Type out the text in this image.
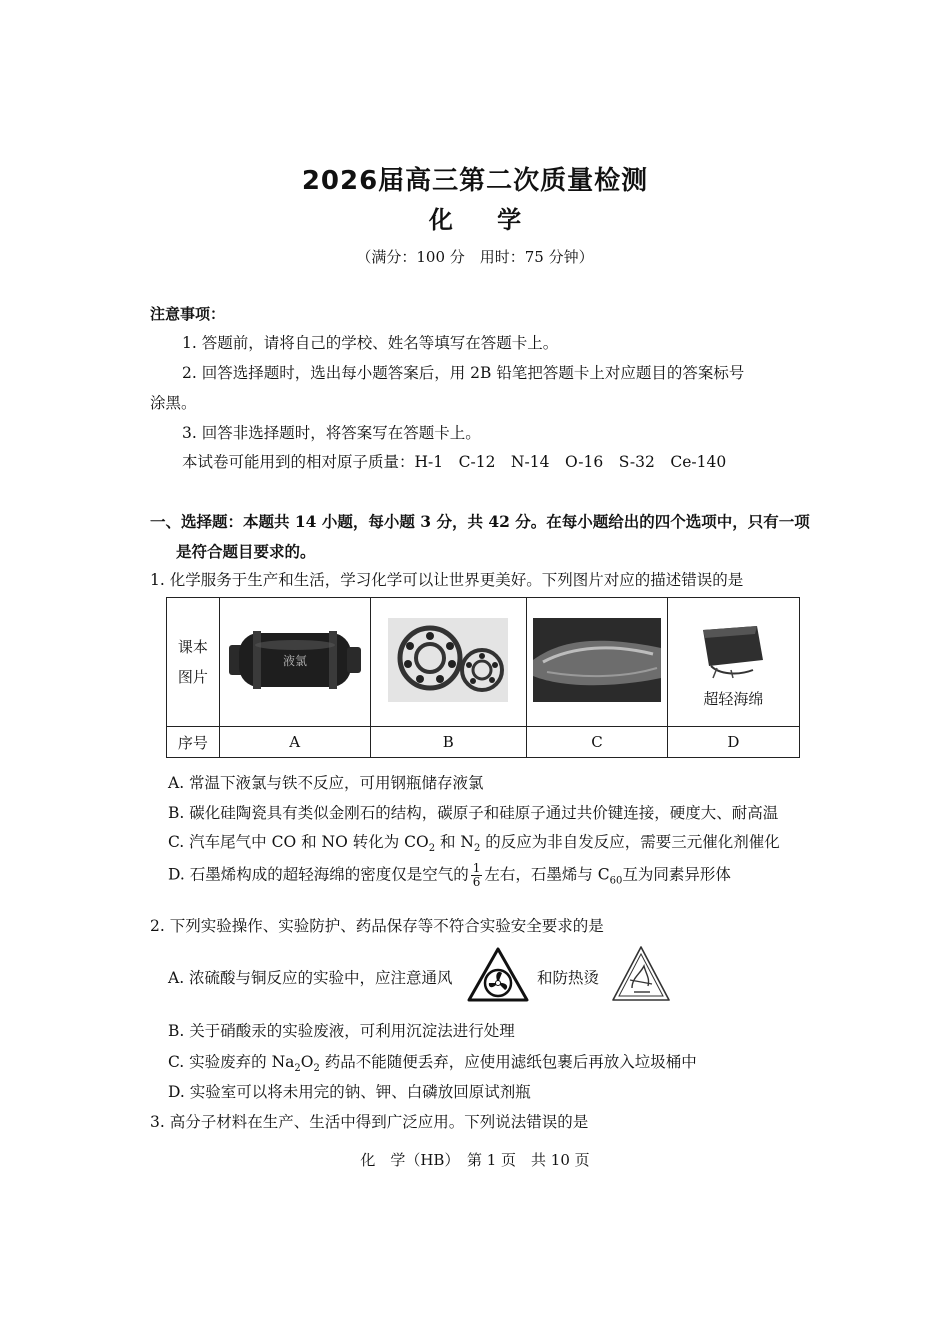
2026届高三第二次质量检测
化 学
（满分：100 分　用时：75 分钟）
注意事项：
1. 答题前，请将自己的学校、姓名等填写在答题卡上。
2. 回答选择题时，选出每小题答案后，用 2B 铅笔把答题卡上对应题目的答案标号
涂黑。
3. 回答非选择题时，将答案写在答题卡上。
本试卷可能用到的相对原子质量：H-1　C-12　N-14　O-16　S-32　Ce-140
一、选择题：本题共 14 小题，每小题 3 分，共 42 分。在每小题给出的四个选项中，只有一项
是符合题目要求的。
1. 化学服务于生产和生活，学习化学可以让世界更美好。下列图片对应的描述错误的是
课本图片	液氯			超轻海绵

序号	A	B	C	D
A. 常温下液氯与铁不反应，可用钢瓶储存液氯
B. 碳化硅陶瓷具有类似金刚石的结构，碳原子和硅原子通过共价键连接，硬度大、耐高温
C. 汽车尾气中 CO 和 NO 转化为 $CO_2$ 和 $N_2$ 的反应为非自发反应，需要三元催化剂催化
D. 石墨烯构成的超轻海绵的密度仅是空气的 $\frac{1}{6}$ 左右，石墨烯与 $C_{60}$互为同素异形体
2. 下列实验操作、实验防护、药品保存等不符合实验安全要求的是
A. 浓硫酸与铜反应的实验中，应注意通风	和防热烫
B. 关于硝酸汞的实验废液，可利用沉淀法进行处理
C. 实验废弃的 $Na_2O_2$ 药品不能随便丢弃，应使用滤纸包裹后再放入垃圾桶中
D. 实验室可以将未用完的钠、钾、白磷放回原试剂瓶
3. 高分子材料在生产、生活中得到广泛应用。下列说法错误的是
化　学（HB）　第 1 页　共 10 页
